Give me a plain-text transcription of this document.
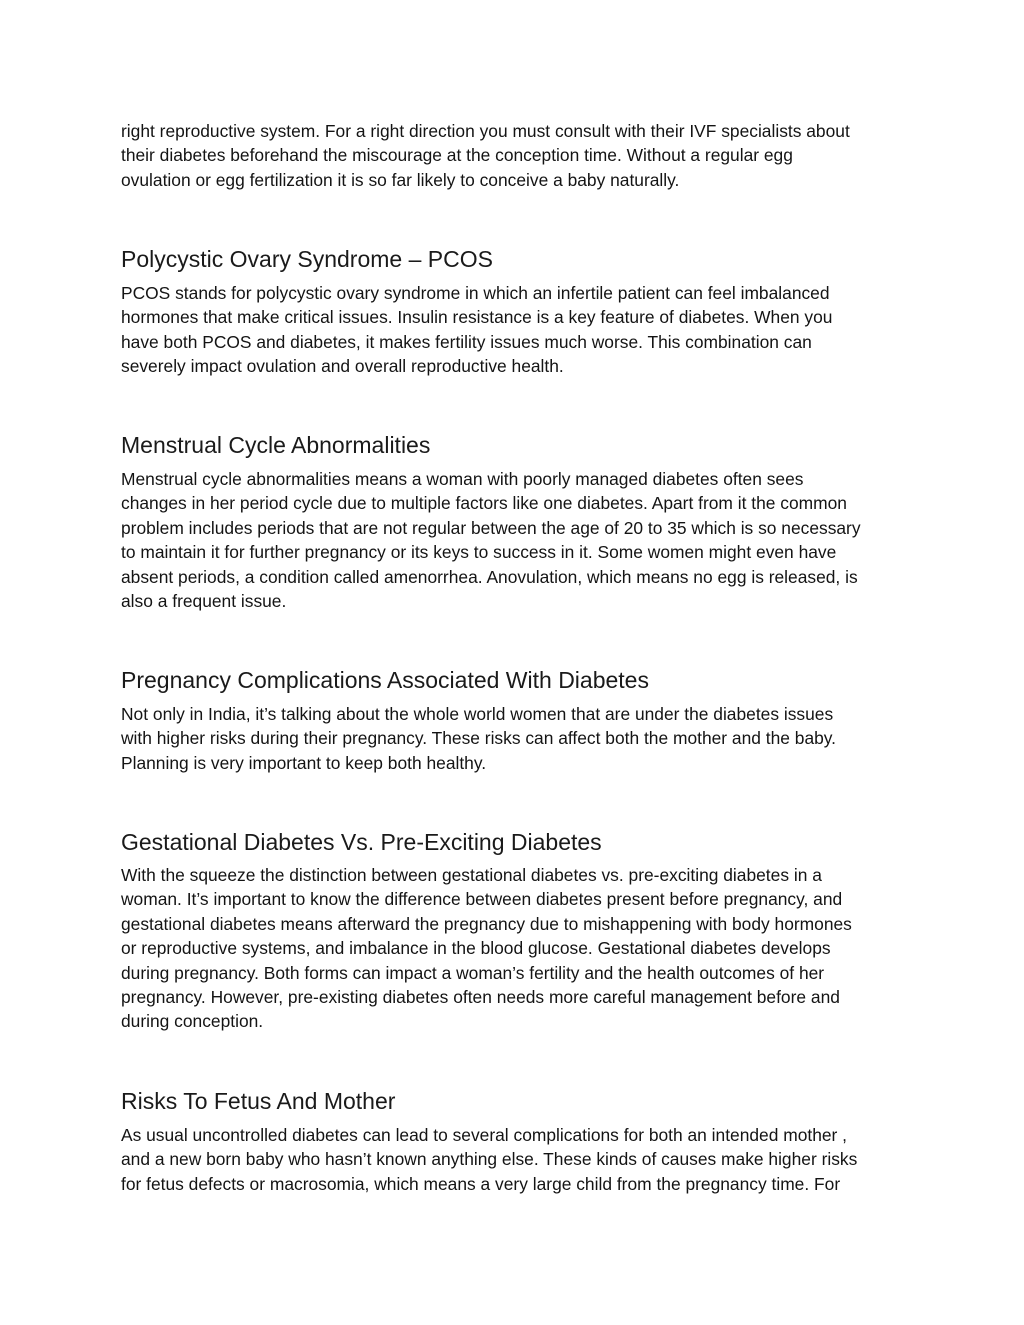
right reproductive system. For a right direction you must consult with their IVF specialists about
their diabetes beforehand the miscourage at the conception time. Without a regular egg
ovulation or egg fertilization it is so far likely to conceive a baby naturally.

Polycystic Ovary Syndrome – PCOS

PCOS stands for polycystic ovary syndrome in which an infertile patient can feel imbalanced
hormones that make critical issues. Insulin resistance is a key feature of diabetes. When you
have both PCOS and diabetes, it makes fertility issues much worse. This combination can
severely impact ovulation and overall reproductive health.

Menstrual Cycle Abnormalities

Menstrual cycle abnormalities means a woman with poorly managed diabetes often sees
changes in her period cycle due to multiple factors like one diabetes. Apart from it the common
problem includes periods that are not regular between the age of 20 to 35 which is so necessary
to maintain it for further pregnancy or its keys to success in it. Some women might even have
absent periods, a condition called amenorrhea. Anovulation, which means no egg is released, is
also a frequent issue.

Pregnancy Complications Associated With Diabetes

Not only in India, it’s talking about the whole world women that are under the diabetes issues
with higher risks during their pregnancy. These risks can affect both the mother and the baby.
Planning is very important to keep both healthy.

Gestational Diabetes Vs. Pre-Exciting Diabetes

With the squeeze the distinction between gestational diabetes vs. pre-exciting diabetes in a
woman. It’s important to know the difference between diabetes present before pregnancy, and
gestational diabetes means afterward the pregnancy due to mishappening with body hormones
or reproductive systems, and imbalance in the blood glucose. Gestational diabetes develops
during pregnancy. Both forms can impact a woman’s fertility and the health outcomes of her
pregnancy. However, pre-existing diabetes often needs more careful management before and
during conception.

Risks To Fetus And Mother

As usual uncontrolled diabetes can lead to several complications for both an intended mother ,
and a new born baby who hasn’t known anything else. These kinds of causes make higher risks
for fetus defects or macrosomia, which means a very large child from the pregnancy time. For
